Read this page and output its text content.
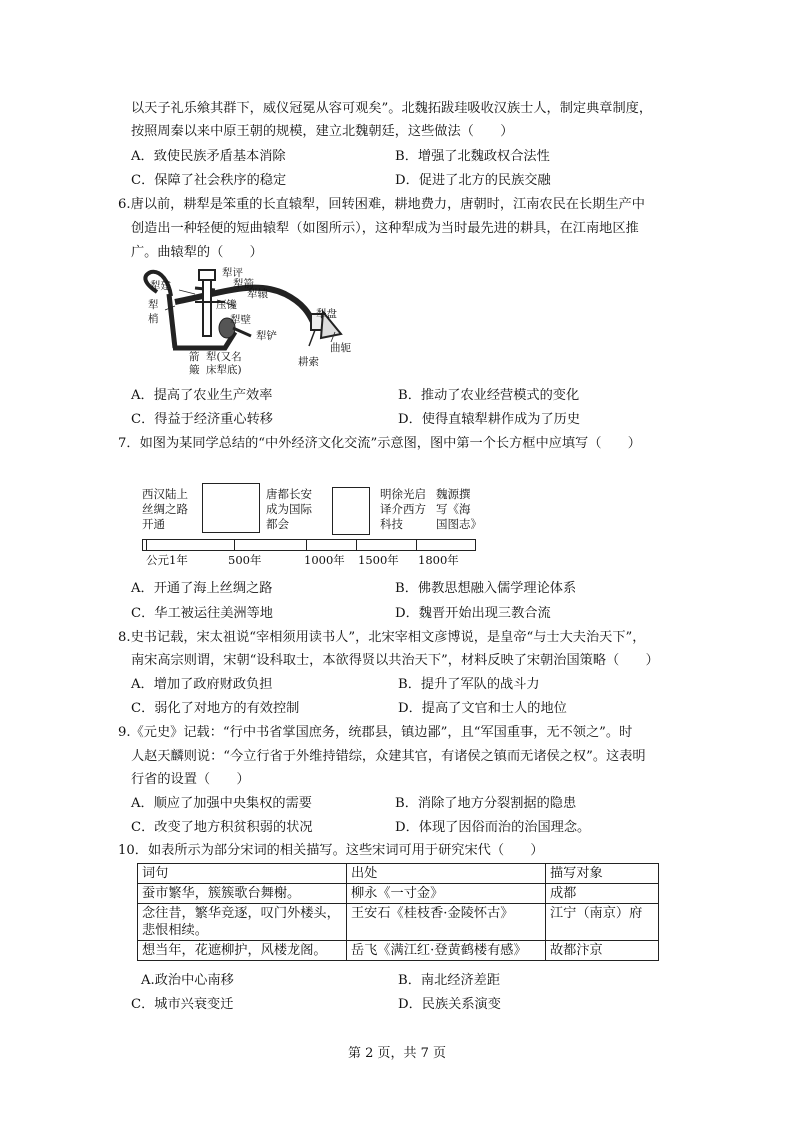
以天子礼乐飨其群下，威仪冠冕从容可观矣”。北魏拓跋珪吸收汉族士人，制定典章制度，
按照周秦以来中原王朝的规模，建立北魏朝廷，这些做法（　　）
A．致使民族矛盾基本消除	B．增强了北魏政权合法性
C．保障了社会秩序的稳定	D．促进了北方的民族交融
6.唐以前，耕犁是笨重的长直辕犁，回转困难，耕地费力，唐朝时，江南农民在长期生产中
创造出一种轻便的短曲辕犁（如图所示），这种犁成为当时最先进的耕具，在江南地区推
广。曲辕犁的（　　）
犁建
犁评
犁箭
犁辕
犁梢
压镵
犁壁
犁铲
犁盘
曲轭
耕索
箭
簸
犁(又名
床犁底)
A．提高了农业生产效率	B．推动了农业经营模式的变化
C．得益于经济重心转移	D．使得直辕犁耕作成为了历史
7．如图为某同学总结的“中外经济文化交流”示意图，图中第一个长方框中应填写（　　）
西汉陆上
丝绸之路
开通
唐都长安
成为国际
都会
明徐光启
译介西方
科技
魏源撰
写《海
国图志》
公元1年	500年	1000年 1500年 1800年
A．开通了海上丝绸之路	B．佛教思想融入儒学理论体系
C．华工被运往美洲等地	D．魏晋开始出现三教合流
8.史书记载，宋太祖说“宰相须用读书人”，北宋宰相文彦博说，是皇帝“与士大夫治天下”，
南宋高宗则谓，宋朝“设科取士，本欲得贤以共治天下”，材料反映了宋朝治国策略（　　）
A．增加了政府财政负担	B．提升了军队的战斗力
C．弱化了对地方的有效控制	D．提高了文官和士人的地位
9.《元史》记载：“行中书省掌国庶务，统郡县，镇边鄙”，且“军国重事，无不领之”。时
人赵天麟则说：“今立行省于外维持错综，众建其官，有诸侯之镇而无诸侯之权”。这表明
行省的设置（　　）
A．顺应了加强中央集权的需要	B．消除了地方分裂割据的隐患
C．改变了地方积贫积弱的状况	D．体现了因俗而治的治国理念。
10．如表所示为部分宋词的相关描写。这些宋词可用于研究宋代（　　）
词句	出处	描写对象
蚕市繁华，簇簇歌台舞榭。	柳永《一寸金》	成都
念往昔，繁华竞逐，叹门外楼头，悲恨相续。	王安石《桂枝香·金陵怀古》	江宁（南京）府
想当年，花遮柳护，风楼龙阁。	岳飞《满江红·登黄鹤楼有感》	故都汴京
A.政治中心南移	B．南北经济差距
C．城市兴衰变迁	D．民族关系演变
第 2 页，共 7 页
